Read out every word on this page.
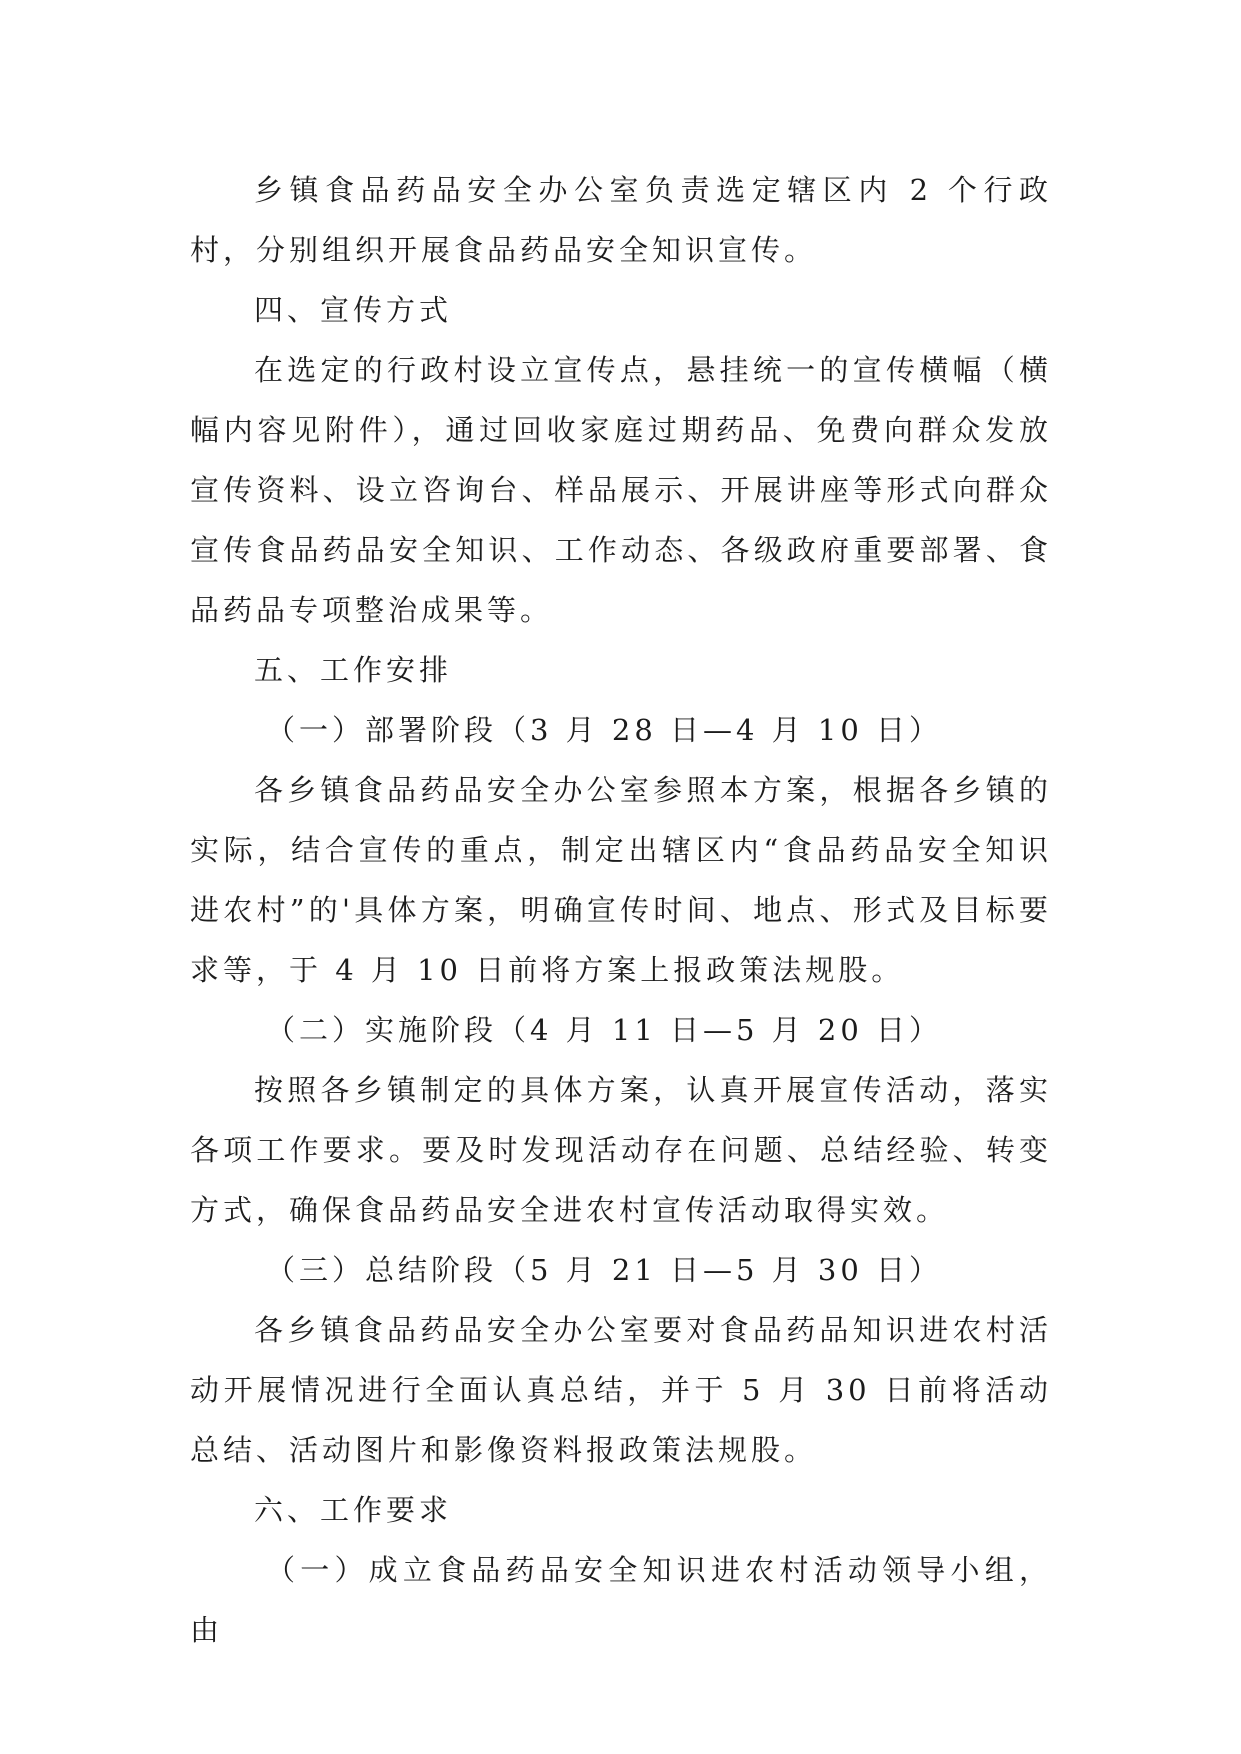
乡镇食品药品安全办公室负责选定辖区内 2 个行政村，分别组织开展食品药品安全知识宣传。

四、宣传方式

在选定的行政村设立宣传点，悬挂统一的宣传横幅（横幅内容见附件），通过回收家庭过期药品、免费向群众发放宣传资料、设立咨询台、样品展示、开展讲座等形式向群众宣传食品药品安全知识、工作动态、各级政府重要部署、食品药品专项整治成果等。

五、工作安排

（一）部署阶段（3 月 28 日—4 月 10 日）

各乡镇食品药品安全办公室参照本方案，根据各乡镇的实际，结合宣传的重点，制定出辖区内“食品药品安全知识进农村”的'具体方案，明确宣传时间、地点、形式及目标要求等，于 4 月 10 日前将方案上报政策法规股。

（二）实施阶段（4 月 11 日—5 月 20 日）

按照各乡镇制定的具体方案，认真开展宣传活动，落实各项工作要求。要及时发现活动存在问题、总结经验、转变方式，确保食品药品安全进农村宣传活动取得实效。

（三）总结阶段（5 月 21 日—5 月 30 日）

各乡镇食品药品安全办公室要对食品药品知识进农村活动开展情况进行全面认真总结，并于 5 月 30 日前将活动总结、活动图片和影像资料报政策法规股。

六、工作要求

（一）成立食品药品安全知识进农村活动领导小组，由
